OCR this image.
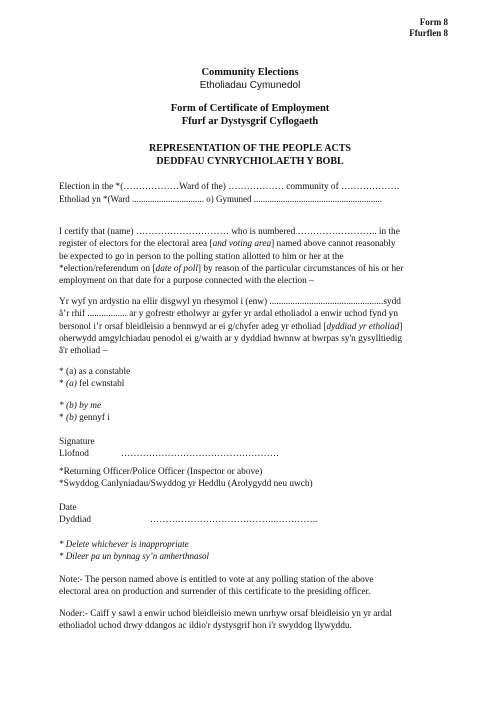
Form 8
Ffurflen 8
Community Elections
Etholiadau Cymunedol
Form of Certificate of Employment
Ffurf ar Dystysgrif Cyflogaeth
REPRESENTATION OF THE PEOPLE ACTS
DEDDFAU CYNRYCHIOLAETH Y BOBL
Election in the *(………………Ward of the) ……………… community of ……………….
Etholiad yn *(Ward ................................ o) Gymuned .........................................................
I certify that (name) ………………………… who is numbered …………………….. in the
register of electors for the electoral area [and voting area] named above cannot reasonably
be expected to go in person to the polling station allotted to him or her at the
*election/referendum on [date of poll] by reason of the particular circumstances of his or her
employment on that date for a purpose connected with the election –
Yr wyf yn ardystio na ellir disgwyl yn rhesymol i (enw) .................................................sydd
â’r rhif ................. ar y gofrestr etholwyr ar gyfer yr ardal etholiadol a enwir uchod fynd yn
bersonol i’r orsaf bleidleisio a bennwyd ar ei g/chyfer adeg yr etholiad [dyddiad yr etholiad]
oherwydd amgylchiadau penodol ei g/waith ar y dyddiad hwnnw at bwrpas sy'n gysylltiedig
â'r etholiad –
* (a) as a constable
* (a) fel cwnstabl
* (b) by me
* (b) gennyf i
Signature
Llofnod	……………………………………………
*Returning Officer/Police Officer (Inspector or above)
*Swyddog Canlyniadau/Swyddog yr Heddlu (Arolygydd neu uwch)
Date
Dyddiad	…………………………………..…………..
* Delete whichever is inappropriate
* Dileer pa un bynnag sy’n amherthnasol
Note:- The person named above is entitled to vote at any polling station of the above
electoral area on production and surrender of this certificate to the presiding officer.
Noder:- Caiff y sawl a enwir uchod bleidleisio mewn unrhyw orsaf bleidleisio yn yr ardal
etholiadol uchod drwy ddangos ac ildio'r dystysgrif hon i'r swyddog llywyddu.
